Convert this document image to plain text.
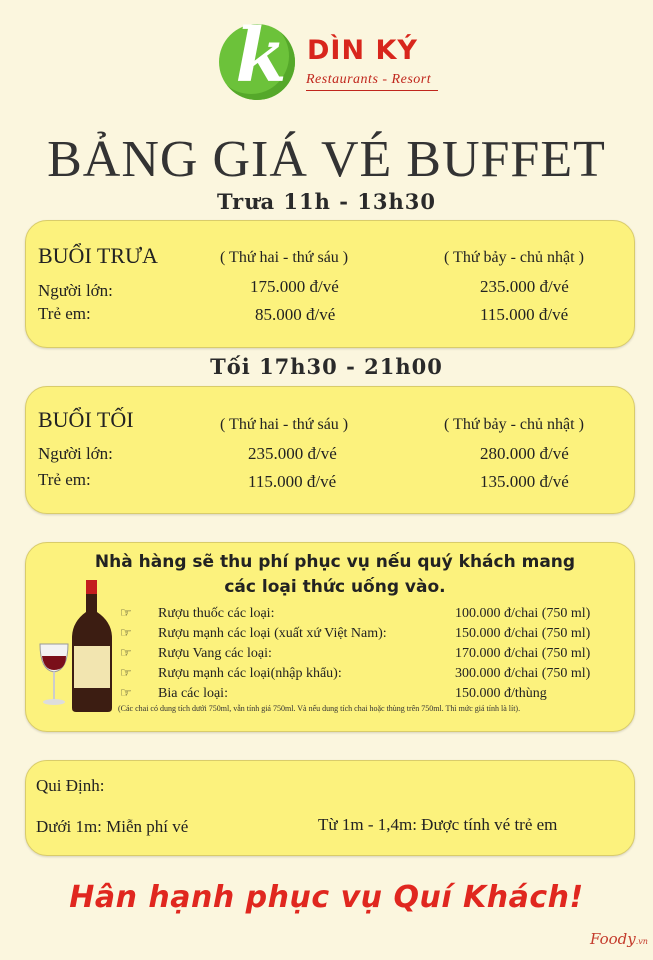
k DÌN KÝ
Restaurants - Resort
BẢNG GIÁ VÉ BUFFET
Trưa 11h - 13h30
BUỔI TRƯA	( Thứ hai - thứ sáu )	( Thứ bảy - chủ nhật )
Người lớn:	175.000 đ/vé	235.000 đ/vé
Trẻ em:	85.000 đ/vé	115.000 đ/vé
Tối 17h30 - 21h00
BUỔI TỐI	( Thứ hai - thứ sáu )	( Thứ bảy - chủ nhật )
Người lớn:	235.000 đ/vé	280.000 đ/vé
Trẻ em:	115.000 đ/vé	135.000 đ/vé
Nhà hàng sẽ thu phí phục vụ nếu quý khách mang
các loại thức uống vào.
☞ Rượu thuốc các loại:	100.000 đ/chai (750 ml)
☞ Rượu mạnh các loại (xuất xứ Việt Nam):	150.000 đ/chai (750 ml)
☞ Rượu Vang các loại:	170.000 đ/chai (750 ml)
☞ Rượu mạnh các loại(nhập khẩu):	300.000 đ/chai (750 ml)
☞ Bia các loại:	150.000 đ/thùng
(Các chai có dung tích dưới 750ml, vẫn tính giá 750ml. Và nếu dung tích chai hoặc thùng trên 750ml. Thì mức giá tính là lít).
Qui Định:
Dưới 1m: Miễn phí vé	Từ 1m - 1,4m: Được tính vé trẻ em
Hân hạnh phục vụ Quí Khách!
Foody.vn
